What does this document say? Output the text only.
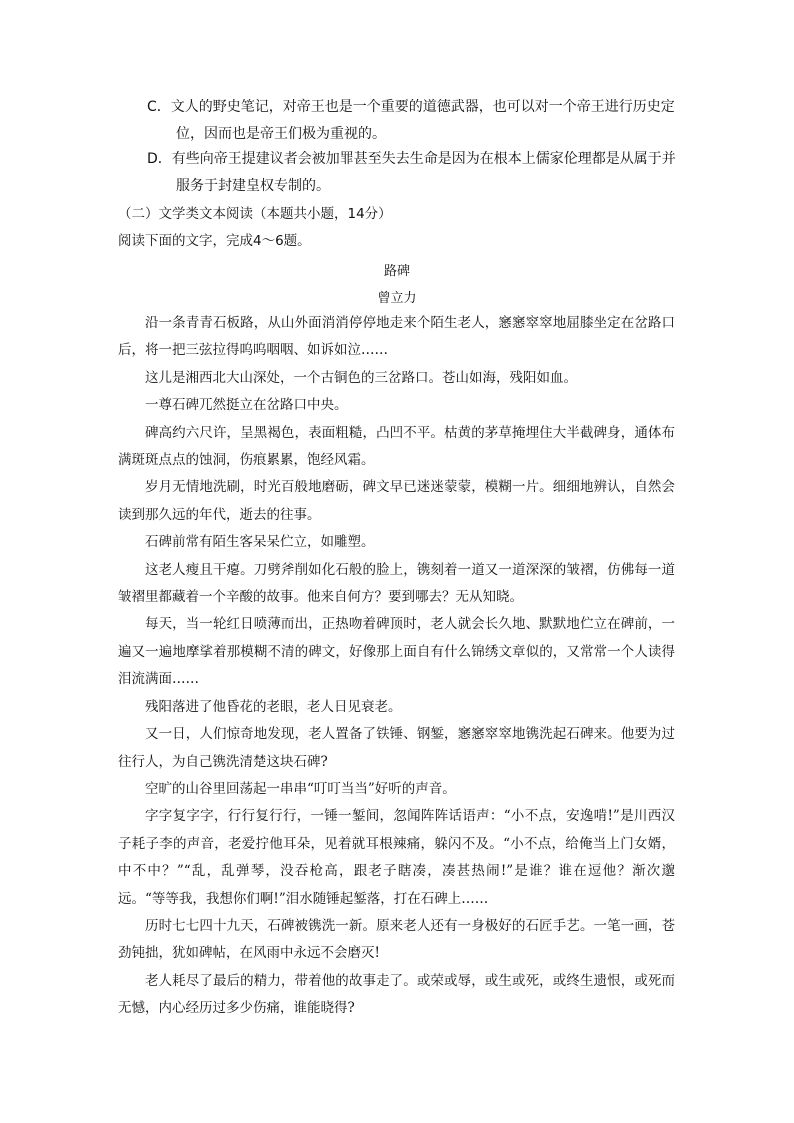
C．文人的野史笔记，对帝王也是一个重要的道德武器，也可以对一个帝王进行历史定
位，因而也是帝王们极为重视的。
D．有些向帝王提建议者会被加罪甚至失去生命是因为在根本上儒家伦理都是从属于并
服务于封建皇权专制的。
（二）文学类文本阅读（本题共小题，14分）
阅读下面的文字，完成4～6题。
路碑
曾立力

沿一条青青石板路，从山外面消消停停地走来个陌生老人，窸窸窣窣地屈膝坐定在岔路口后，将一把三弦拉得呜呜咽咽、如诉如泣……

这儿是湘西北大山深处，一个古铜色的三岔路口。苍山如海，残阳如血。

一尊石碑兀然挺立在岔路口中央。

碑高约六尺许，呈黑褐色，表面粗糙，凸凹不平。枯黄的茅草掩埋住大半截碑身，通体布满斑斑点点的蚀洞，伤痕累累，饱经风霜。

岁月无情地洗刷，时光百般地磨砺，碑文早已迷迷蒙蒙，模糊一片。细细地辨认，自然会读到那久远的年代，逝去的往事。

石碑前常有陌生客呆呆伫立，如雕塑。

这老人瘦且干瘪。刀劈斧削如化石般的脸上，镌刻着一道又一道深深的皱褶，仿佛每一道皱褶里都藏着一个辛酸的故事。他来自何方？要到哪去？无从知晓。

每天，当一轮红日喷薄而出，正热吻着碑顶时，老人就会长久地、默默地伫立在碑前，一遍又一遍地摩挲着那模糊不清的碑文，好像那上面自有什么锦绣文章似的，又常常一个人读得泪流满面……

残阳落进了他昏花的老眼，老人日见衰老。

又一日，人们惊奇地发现，老人置备了铁锤、钢錾，窸窸窣窣地镌洗起石碑来。他要为过往行人，为自己镌洗清楚这块石碑?

空旷的山谷里回荡起一串串“叮叮当当”好听的声音。

字字复字字，行行复行行，一锤一錾间，忽闻阵阵话语声：“小不点，安逸啃!”是川西汉子耗子李的声音，老爱拧他耳朵，见着就耳根辣痛，躲闪不及。“小不点，给俺当上门女婿，中不中？”“乱，乱弹琴，没吞枪高，跟老子瞎凑，凑甚热闹!”是谁？谁在逗他？渐次邈远。“等等我，我想你们啊!”泪水随锤起錾落，打在石碑上……

历时七七四十九天，石碑被镌洗一新。原来老人还有一身极好的石匠手艺。一笔一画，苍劲钝拙，犹如碑帖，在风雨中永远不会磨灭!

老人耗尽了最后的精力，带着他的故事走了。或荣或辱，或生或死，或终生遗恨，或死而无憾，内心经历过多少伤痛，谁能晓得?
